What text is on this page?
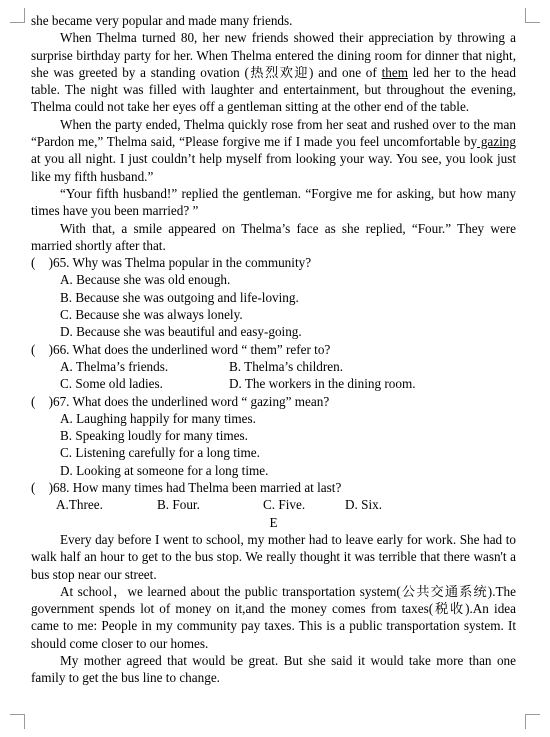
she became very popular and made many friends.

When Thelma turned 80, her new friends showed their appreciation by throwing a surprise birthday party for her. When Thelma entered the dining room for dinner that night, she was greeted by a standing ovation (热烈欢迎) and one of them led her to the head table. The night was filled with laughter and entertainment, but throughout the evening, Thelma could not take her eyes off a gentleman sitting at the other end of the table.

When the party ended, Thelma quickly rose from her seat and rushed over to the man “Pardon me,” Thelma said, “Please forgive me if I made you feel uncomfortable by gazing at you all night. I just couldn’t help myself from looking your way. You see, you look just like my fifth husband.”

“Your fifth husband!” replied the gentleman. “Forgive me for asking, but how many times have you been married? ”

With that, a smile appeared on Thelma’s face as she replied, “Four.” They were married shortly after that.

(　)65. Why was Thelma popular in the community?

A. Because she was old enough.

B. Because she was outgoing and life-loving.

C. Because she was always lonely.

D. Because she was beautiful and easy-going.

(　)66. What does the underlined word “ them” refer to?

A. Thelma’s friends.	B. Thelma’s children.

C. Some old ladies.	D. The workers in the dining room.

(　)67. What does the underlined word “ gazing” mean?

A. Laughing happily for many times.

B. Speaking loudly for many times.

C. Listening carefully for a long time.

D. Looking at someone for a long time.

(　)68. How many times had Thelma been married at last?

A.Three.	B. Four.	C. Five.	D. Six.

E

Every day before I went to school, my mother had to leave early for work. She had to walk half an hour to get to the bus stop. We really thought it was terrible that there wasn't a bus stop near our street.

At school，we learned about the public transportation system(公共交通系统).The government spends lot of money on it,and the money comes from taxes(税收).An idea came to me: People in my community pay taxes. This is a public transportation system. It should come closer to our homes.

My mother agreed that would be great. But she said it would take more than one family to get the bus line to change.
